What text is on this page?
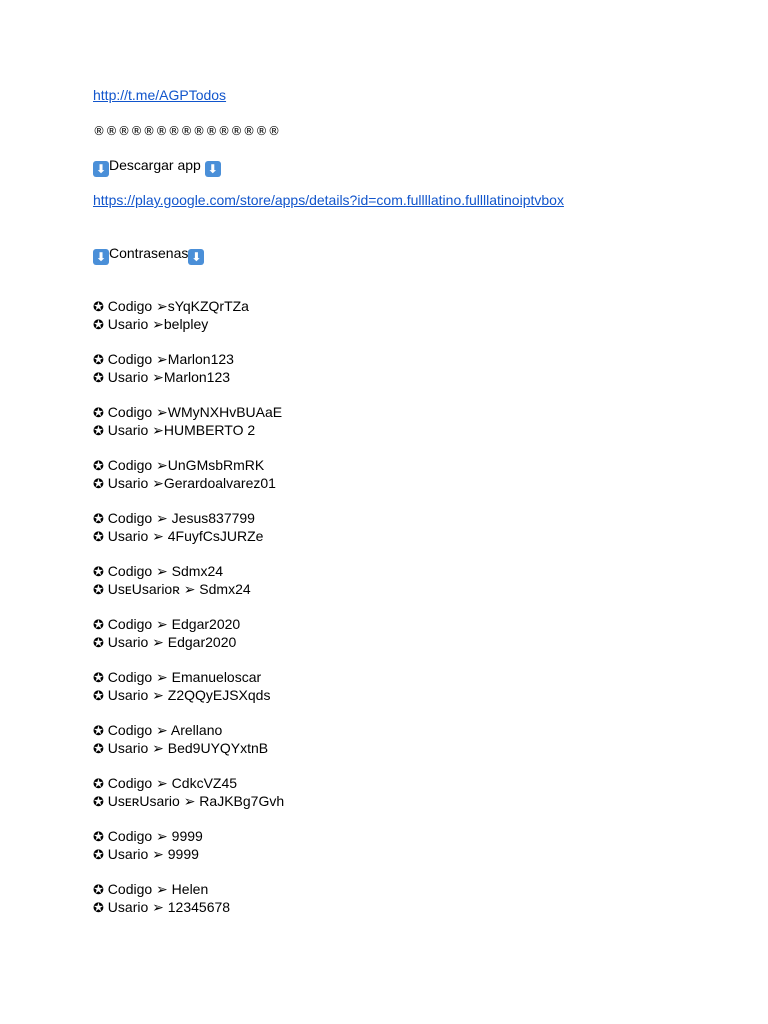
http://t.me/AGPTodos
®®®®®®®®®®®®®®®
⬇ Descargar app ⬇
https://play.google.com/store/apps/details?id=com.fullllatino.fullllatinoiptvbox
⬇ Contrasenas ⬇
✪ Codigo ➢sYqKZQrTZa
✪ Usario ➢belpley
✪ Codigo ➢Marlon123
✪ Usario ➢Marlon123
✪ Codigo ➢WMyNXHvBUAaE
✪ Usario ➢HUMBERTO 2
✪ Codigo ➢UnGMsbRmRK
✪ Usario ➢Gerardoalvarez01
✪ Codigo ➢ Jesus837799
✪ Usario ➢ 4FuyfCsJURZe
✪ Codigo ➢ Sdmx24
✪ UsᴇUsarioʀ ➢ Sdmx24
✪ Codigo ➢ Edgar2020
✪ Usario ➢ Edgar2020
✪ Codigo ➢ Emanueloscar
✪ Usario ➢ Z2QQyEJSXqds
✪ Codigo ➢ Arellano
✪ Usario ➢ Bed9UYQYxtnB
✪ Codigo ➢ CdkcVZ45
✪ UsᴇʀUsario ➢ RaJKBg7Gvh
✪ Codigo ➢ 9999
✪ Usario ➢ 9999
✪ Codigo ➢ Helen
✪ Usario ➢ 12345678
